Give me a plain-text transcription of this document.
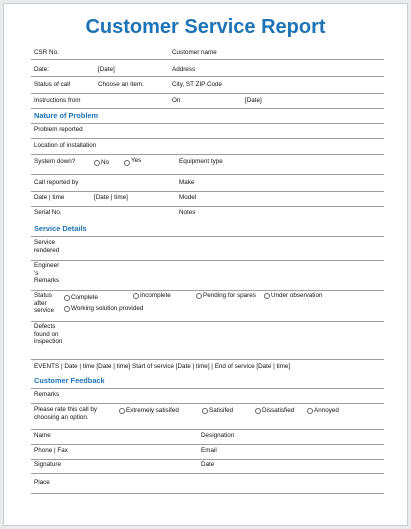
Customer Service Report
CSR No.	Customer name
Date:	[Date]	Address
Status of call	Choose an item.	City, ST ZIP Code
Instructions from	On	[Date]
Nature of Problem
Problem reported
Location of installation
System down?	No	Yes	Equipment type
Call reported by	Make
Date | time	[Date | time]	Model
Serial No.	Notes
Service Details
Service rendered
Engineer 's Remarks
Status after service
Complete	Incomplete	Pending for spares Under observation
Working solution provided
Defects found on inspection
EVENTS | Date | time [Date | time] Start of service [Date | time] | End of service [Date | time]
Customer Feedback
Remarks
Please rate this call by choosing an option.
Extremely satisifed	Satisifed	Dissatisfied	Annoyed
Name	Designation
Phone | Fax	Email
Signature	Date
Place
